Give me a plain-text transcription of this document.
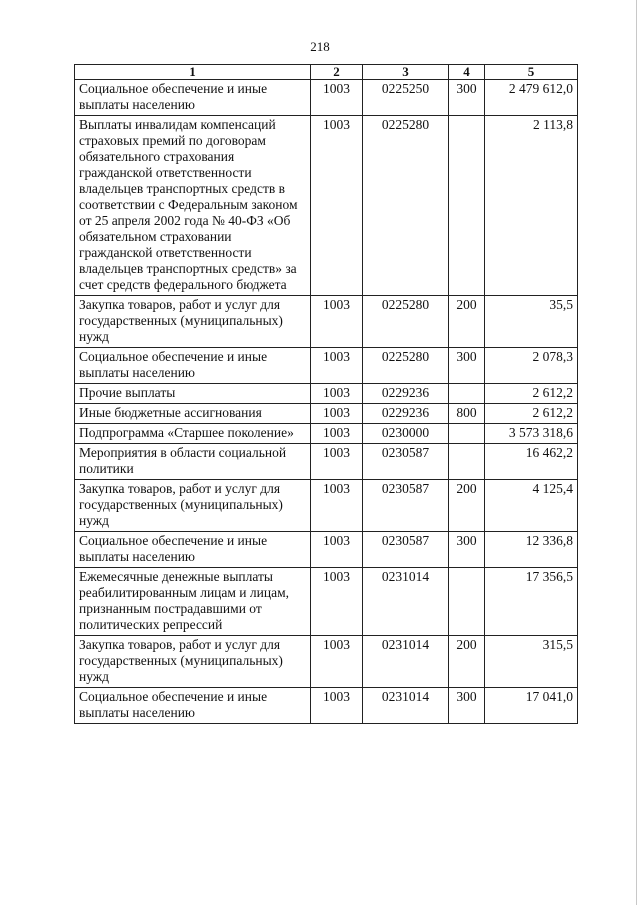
218
1	2	3	4	5
Социальное обеспечение и иные выплаты населению	1003	0225250	300	2 479 612,0
Выплаты инвалидам компенсаций страховых премий по договорам обязательного страхования гражданской ответственности владельцев транспортных средств в соответствии с Федеральным законом от 25 апреля 2002 года № 40-ФЗ «Об обязательном страховании гражданской ответственности владельцев транспортных средств» за счет средств федерального бюджета	1003	0225280		2 113,8
Закупка товаров, работ и услуг для государственных (муниципальных) нужд	1003	0225280	200	35,5
Социальное обеспечение и иные выплаты населению	1003	0225280	300	2 078,3
Прочие выплаты	1003	0229236		2 612,2
Иные бюджетные ассигнования	1003	0229236	800	2 612,2
Подпрограмма «Старшее поколение»	1003	0230000		3 573 318,6
Мероприятия в области социальной политики	1003	0230587		16 462,2
Закупка товаров, работ и услуг для государственных (муниципальных) нужд	1003	0230587	200	4 125,4
Социальное обеспечение и иные выплаты населению	1003	0230587	300	12 336,8
Ежемесячные денежные выплаты реабилитированным лицам и лицам, признанным пострадавшими от политических репрессий	1003	0231014		17 356,5
Закупка товаров, работ и услуг для государственных (муниципальных) нужд	1003	0231014	200	315,5
Социальное обеспечение и иные выплаты населению	1003	0231014	300	17 041,0
